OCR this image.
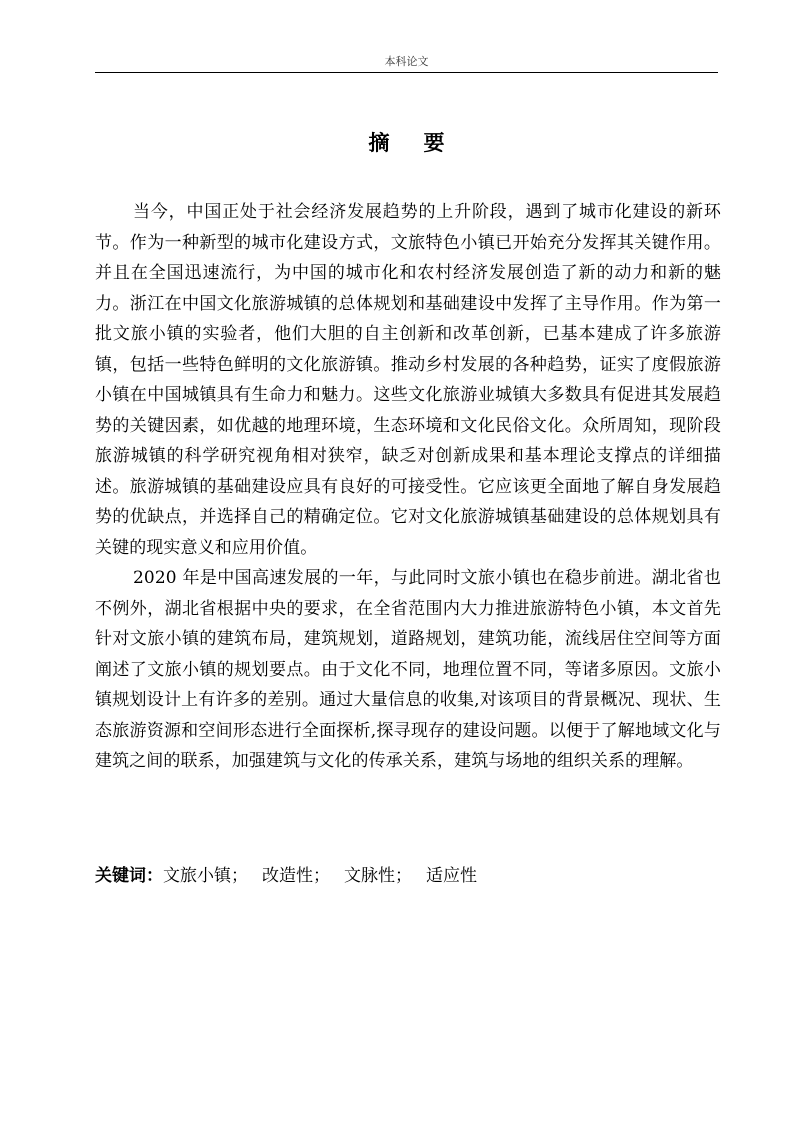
本科论文
摘要

当今，中国正处于社会经济发展趋势的上升阶段，遇到了城市化建设的新环节。作为一种新型的城市化建设方式，文旅特色小镇已开始充分发挥其关键作用。并且在全国迅速流行，为中国的城市化和农村经济发展创造了新的动力和新的魅力。浙江在中国文化旅游城镇的总体规划和基础建设中发挥了主导作用。作为第一批文旅小镇的实验者，他们大胆的自主创新和改革创新，已基本建成了许多旅游镇，包括一些特色鲜明的文化旅游镇。推动乡村发展的各种趋势，证实了度假旅游小镇在中国城镇具有生命力和魅力。这些文化旅游业城镇大多数具有促进其发展趋势的关键因素，如优越的地理环境，生态环境和文化民俗文化。众所周知，现阶段旅游城镇的科学研究视角相对狭窄，缺乏对创新成果和基本理论支撑点的详细描述。旅游城镇的基础建设应具有良好的可接受性。它应该更全面地了解自身发展趋势的优缺点，并选择自己的精确定位。它对文化旅游城镇基础建设的总体规划具有关键的现实意义和应用价值。

2020 年是中国高速发展的一年，与此同时文旅小镇也在稳步前进。湖北省也不例外，湖北省根据中央的要求，在全省范围内大力推进旅游特色小镇，本文首先针对文旅小镇的建筑布局，建筑规划，道路规划，建筑功能，流线居住空间等方面阐述了文旅小镇的规划要点。由于文化不同，地理位置不同，等诸多原因。文旅小镇规划设计上有许多的差别。通过大量信息的收集,对该项目的背景概况、现状、生态旅游资源和空间形态进行全面探析,探寻现存的建设问题。以便于了解地域文化与建筑之间的联系，加强建筑与文化的传承关系，建筑与场地的组织关系的理解。

关键词：文旅小镇； 改造性； 文脉性； 适应性
